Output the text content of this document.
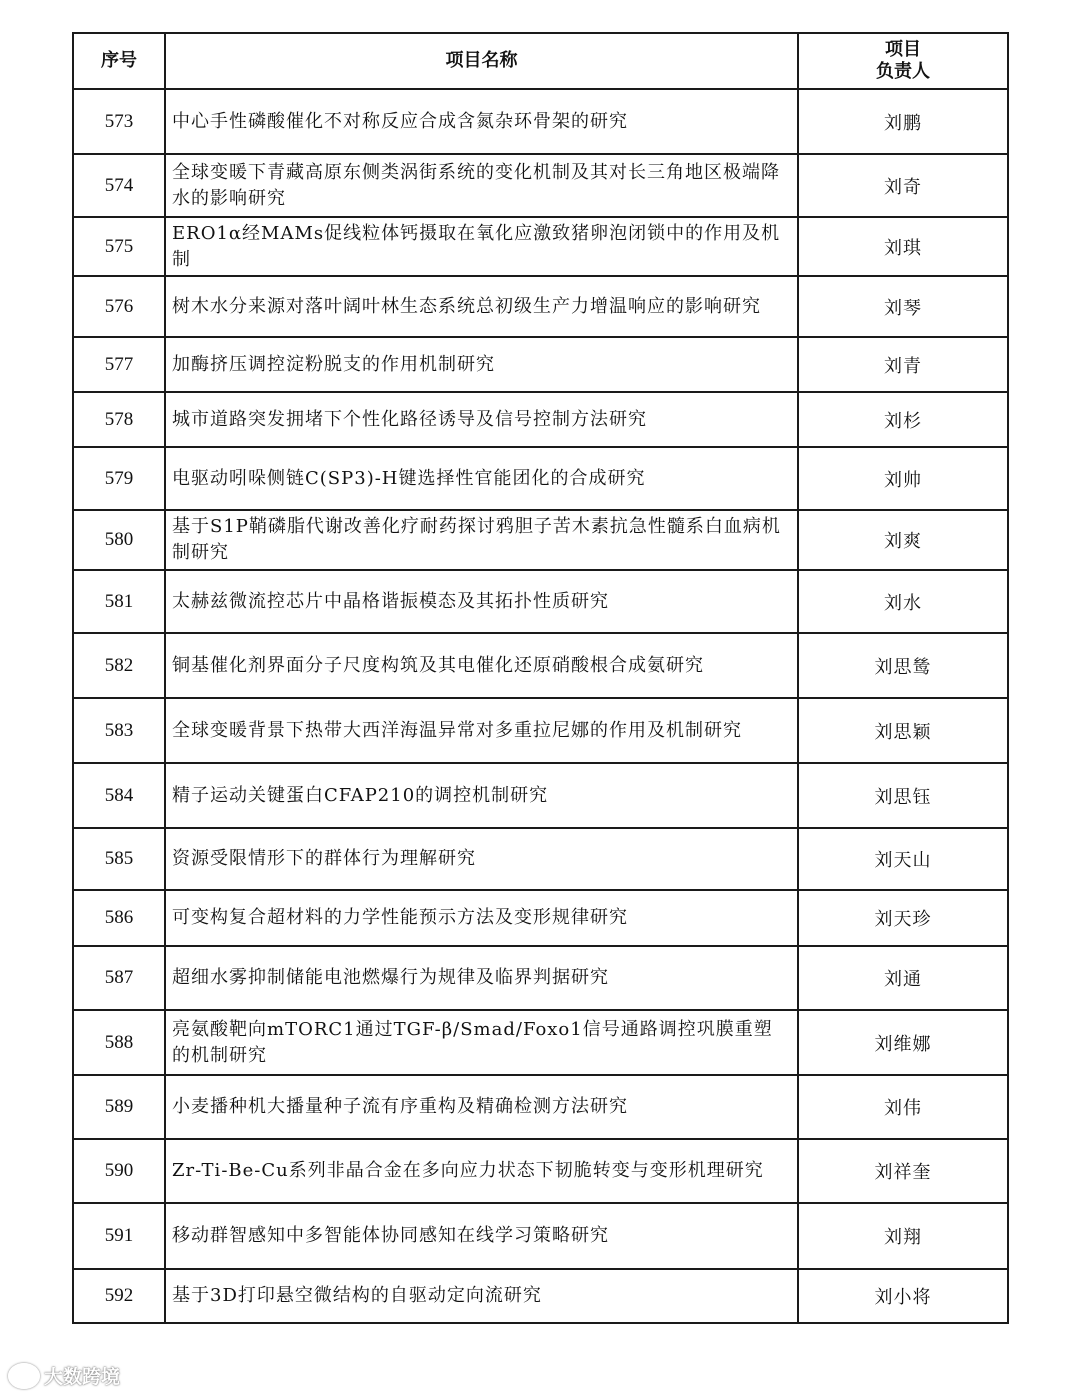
序号	项目名称	项目
负责人

573	中心手性磷酸催化不对称反应合成含氮杂环骨架的研究	刘鹏
574	全球变暖下青藏高原东侧类涡街系统的变化机制及其对长三角地区极端降水的影响研究	刘奇
575	ERO1α经MAMs促线粒体钙摄取在氧化应激致猪卵泡闭锁中的作用及机制	刘琪
576	树木水分来源对落叶阔叶林生态系统总初级生产力增温响应的影响研究	刘琴
577	加酶挤压调控淀粉脱支的作用机制研究	刘青
578	城市道路突发拥堵下个性化路径诱导及信号控制方法研究	刘杉
579	电驱动吲哚侧链C(SP3)-H键选择性官能团化的合成研究	刘帅
580	基于S1P鞘磷脂代谢改善化疗耐药探讨鸦胆子苦木素抗急性髓系白血病机制研究	刘爽
581	太赫兹微流控芯片中晶格谐振模态及其拓扑性质研究	刘水
582	铜基催化剂界面分子尺度构筑及其电催化还原硝酸根合成氨研究	刘思鸶
583	全球变暖背景下热带大西洋海温异常对多重拉尼娜的作用及机制研究	刘思颖
584	精子运动关键蛋白CFAP210的调控机制研究	刘思钰
585	资源受限情形下的群体行为理解研究	刘天山
586	可变构复合超材料的力学性能预示方法及变形规律研究	刘天珍
587	超细水雾抑制储能电池燃爆行为规律及临界判据研究	刘通
588	亮氨酸靶向mTORC1通过TGF-β/Smad/Foxo1信号通路调控巩膜重塑的机制研究	刘维娜
589	小麦播种机大播量种子流有序重构及精确检测方法研究	刘伟
590	Zr-Ti-Be-Cu系列非晶合金在多向应力状态下韧脆转变与变形机理研究	刘祥奎
591	移动群智感知中多智能体协同感知在线学习策略研究	刘翔
592	基于3D打印悬空微结构的自驱动定向流研究	刘小将
大数跨境
